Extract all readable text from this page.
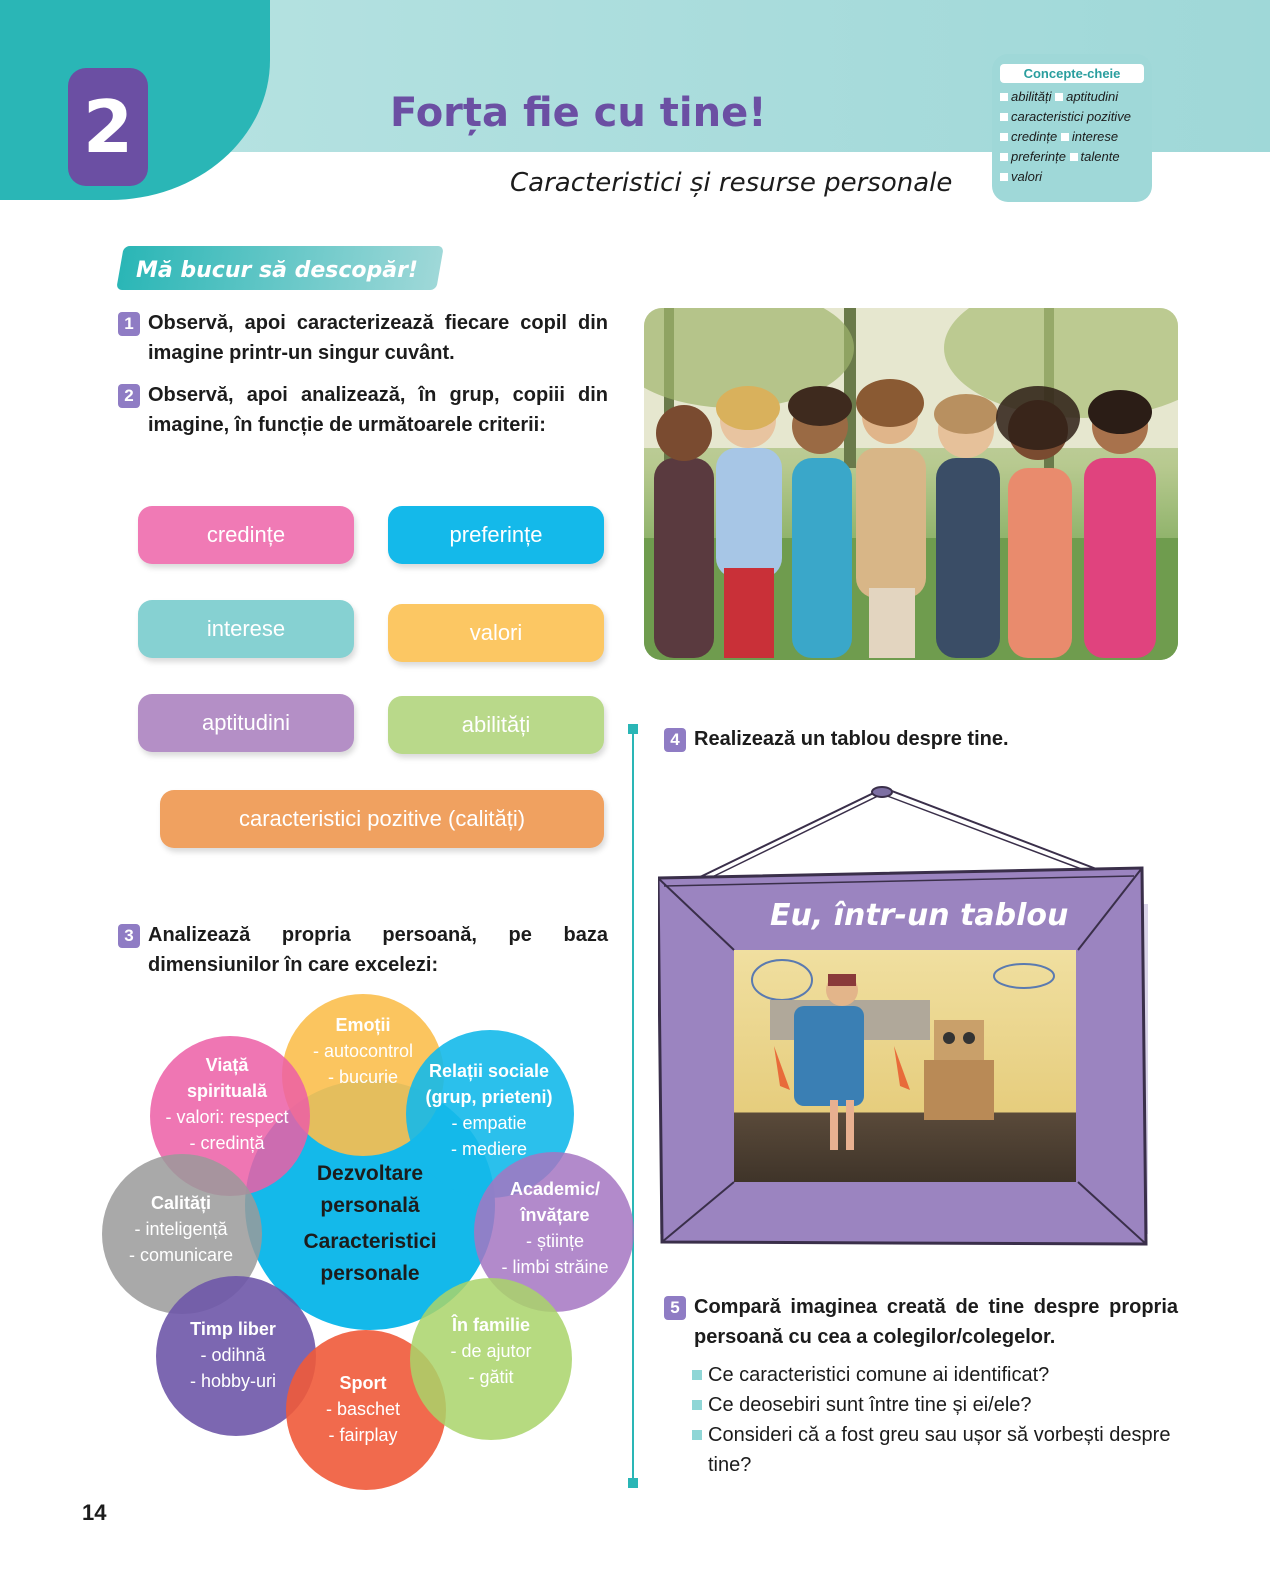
2	Forța fie cu tine!
Caracteristici și resurse personale
Concepte-cheie
abilități aptitudini
caracteristici pozitive
credințe interese
preferințe talente
valori
Mă bucur să descopăr!
1 Observă, apoi caracterizează fiecare copil din imagine printr-un singur cuvânt.
2 Observă, apoi analizează, în grup, copiii din imagine, în funcție de următoarele criterii:
credințe	preferințe
interese	valori
aptitudini	abilități
caracteristici pozitive (calități)
3 Analizează propria persoană, pe baza dimensiunilor în care excelezi:
Emoții
- autocontrol
- bucurie
Viață
spirituală
- valori: respect
- credință
Relații sociale
(grup, prieteni)
- empatie
- mediere
Academic/
învățare
- științe
- limbi străine
Calități
- inteligență
- comunicare
Timp liber
- odihnă
- hobby-uri	Sport
- baschet
- fairplay
În familie
- de ajutor
- gătit
Dezvoltare
personală
Caracteristici
personale
4 Realizează un tablou despre tine.
Eu, într-un tablou
5 Compară imaginea creată de tine despre propria persoană cu cea a colegilor/colegelor.
Ce caracteristici comune ai identificat?
Ce deosebiri sunt între tine și ei/ele?
Consideri că a fost greu sau ușor să vorbești despre tine?
14
